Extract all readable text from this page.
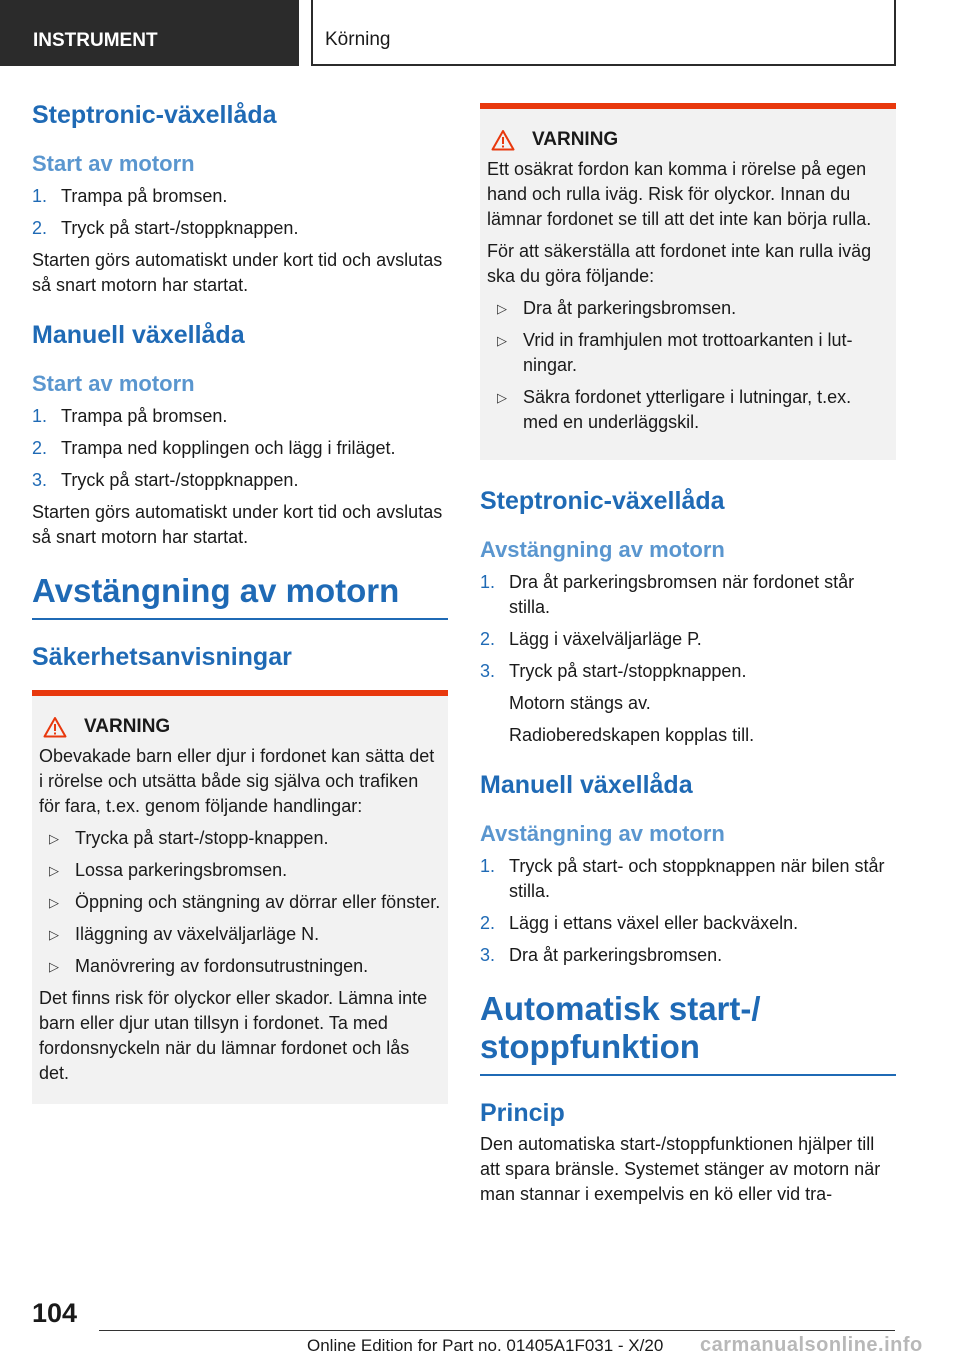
INSTRUMENT	Körning
Steptronic-växellåda
Start av motorn
1. Trampa på bromsen.
2. Tryck på start-/stoppknappen.
Starten görs automatiskt under kort tid och avslutas så snart motorn har startat.
Manuell växellåda
Start av motorn
1. Trampa på bromsen.
2. Trampa ned kopplingen och lägg i friläget.
3. Tryck på start-/stoppknappen.
Starten görs automatiskt under kort tid och avslutas så snart motorn har startat.
Avstängning av motorn
Säkerhetsanvisningar
VARNING
Obevakade barn eller djur i fordonet kan sätta det i rörelse och utsätta både sig själva och trafiken för fara, t.ex. genom följande handlingar:
▷ Trycka på start-/stopp-knappen.
▷ Lossa parkeringsbromsen.
▷ Öppning och stängning av dörrar eller fönster.
▷ Iläggning av växelväljarläge N.
▷ Manövrering av fordonsutrustningen.
Det finns risk för olyckor eller skador. Lämna inte barn eller djur utan tillsyn i fordonet. Ta med fordonsnyckeln när du lämnar fordonet och lås det.
VARNING
Ett osäkrat fordon kan komma i rörelse på egen hand och rulla iväg. Risk för olyckor. Innan du lämnar fordonet se till att det inte kan börja rulla.
För att säkerställa att fordonet inte kan rulla iväg ska du göra följande:
▷ Dra åt parkeringsbromsen.
▷ Vrid in framhjulen mot trottoarkanten i lutningar.
▷ Säkra fordonet ytterligare i lutningar, t.ex. med en underläggskil.
Steptronic-växellåda
Avstängning av motorn
1. Dra åt parkeringsbromsen när fordonet står stilla.
2. Lägg i växelväljarläge P.
3. Tryck på start-/stoppknappen.
Motorn stängs av.
Radioberedskapen kopplas till.
Manuell växellåda
Avstängning av motorn
1. Tryck på start- och stoppknappen när bilen står stilla.
2. Lägg i ettans växel eller backväxeln.
3. Dra åt parkeringsbromsen.
Automatisk start-/ stoppfunktion
Princip
Den automatiska start-/stoppfunktionen hjälper till att spara bränsle. Systemet stänger av motorn när man stannar i exempelvis en kö eller vid tra-
104
Online Edition for Part no. 01405A1F031 - X/20 carmanualsonline.info
